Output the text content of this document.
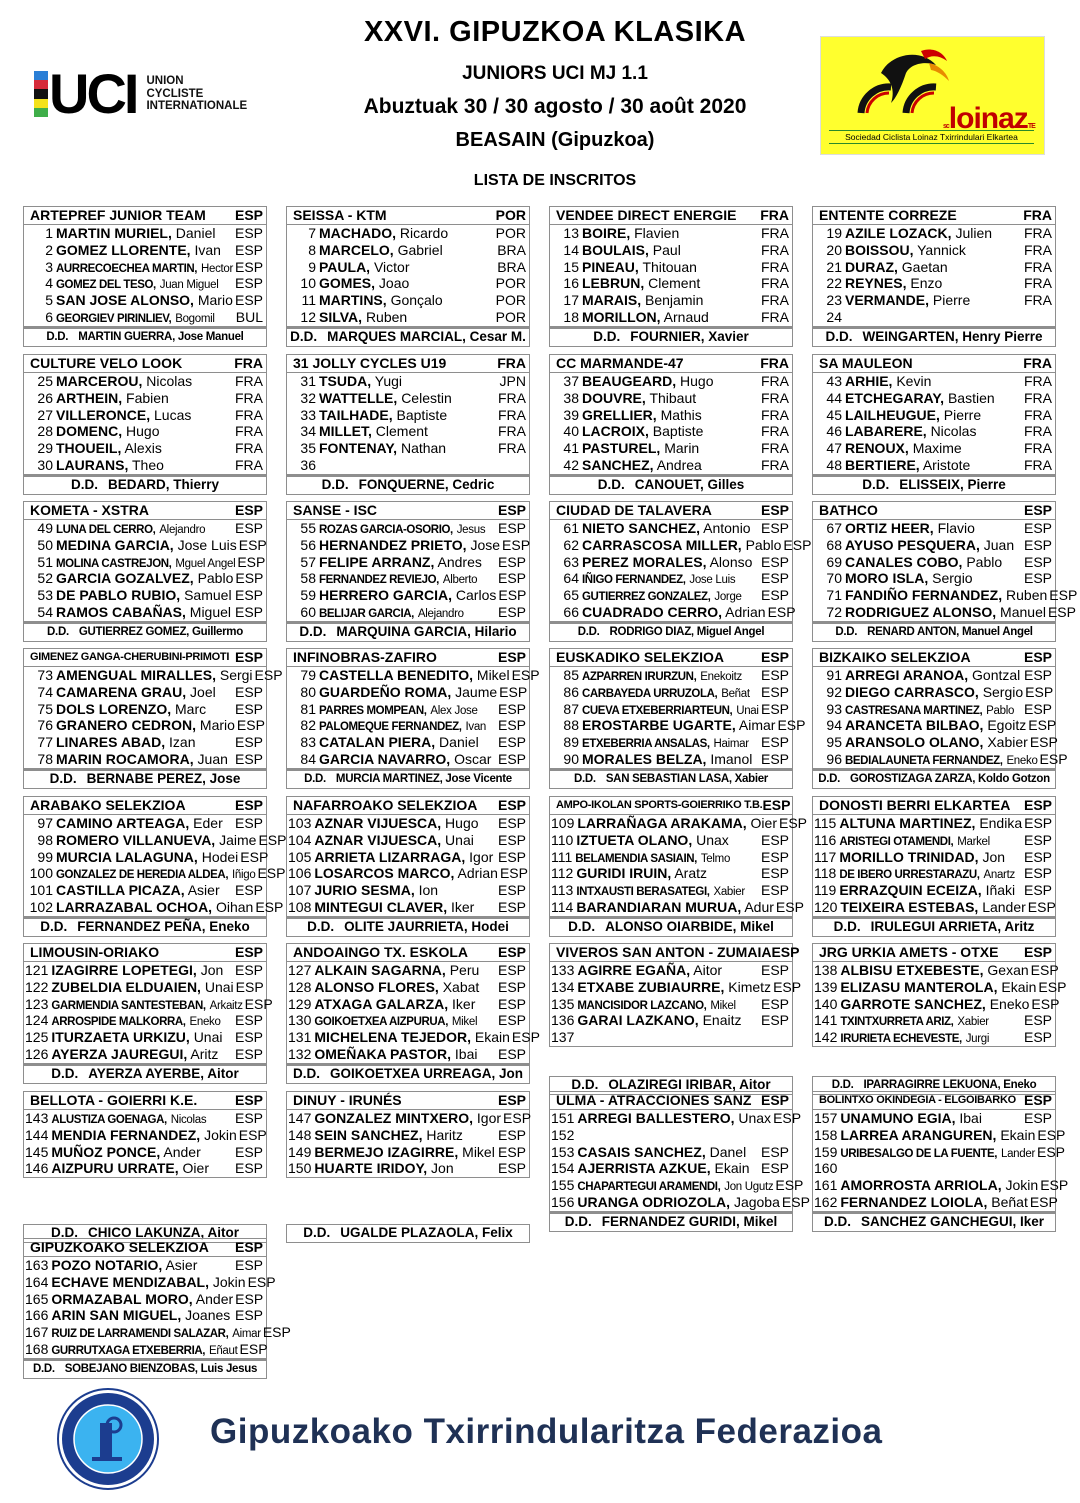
UCI UNION
CYCLISTE
INTERNATIONALE
XXVI. GIPUZKOA KLASIKA
JUNIORS UCI MJ 1.1
Abuztuak 30 / 30 agosto / 30 août 2020
BEASAIN (Gipuzkoa)
LISTA DE INSCRITOS
scloinazTE
Sociedad Ciclista Loinaz Txirrindulari Elkartea
ARTEPREF JUNIOR TEAM ESP
1 MARTIN MURIEL, Daniel ESP
2 GOMEZ LLORENTE, Ivan ESP
3 AURRECOECHEA MARTIN, Hector ESP
4 GOMEZ DEL TESO, Juan Miguel ESP
5 SAN JOSE ALONSO, Mario ESP
6 GEORGIEV PIRINLIEV, Bogomil BUL
D.D. MARTIN GUERRA, Jose Manuel
SEISSA - KTM	POR
7 MACHADO, Ricardo	POR
8 MARCELO, Gabriel	BRA
9 PAULA, Victor	BRA
10 GOMES, Joao	POR
11 MARTINS, Gonçalo	POR
12 SILVA, Ruben	POR
D.D. MARQUES MARCIAL, Cesar M.
VENDEE DIRECT ENERGIE FRA
13 BOIRE, Flavien	FRA
14 BOULAIS, Paul	FRA
15 PINEAU, Thitouan	FRA
16 LEBRUN, Clement	FRA
17 MARAIS, Benjamin	FRA
18 MORILLON, Arnaud	FRA
D.D. FOURNIER, Xavier
ENTENTE CORREZE	FRA
19 AZILE LOZACK, Julien FRA
20 BOISSOU, Yannick	FRA
21 DURAZ, Gaetan	FRA
22 REYNES, Enzo	FRA
23 VERMANDE, Pierre	FRA
24
D.D. WEINGARTEN, Henry Pierre
CULTURE VELO LOOK	FRA
25 MARCEROU, Nicolas	FRA
26 ARTHEIN, Fabien	FRA
27 VILLERONCE, Lucas	FRA
28 DOMENC, Hugo	FRA
29 THOUEIL, Alexis	FRA
30 LAURANS, Theo	FRA
D.D. BEDARD, Thierry
31 JOLLY CYCLES U19	FRA
31 TSUDA, Yugi	JPN
32 WATTELLE, Celestin	FRA
33 TAILHADE, Baptiste	FRA
34 MILLET, Clement	FRA
35 FONTENAY, Nathan	FRA
36
D.D. FONQUERNE, Cedric
CC MARMANDE-47	FRA
37 BEAUGEARD, Hugo	FRA
38 DOUVRE, Thibaut	FRA
39 GRELLIER, Mathis	FRA
40 LACROIX, Baptiste	FRA
41 PASTUREL, Marin	FRA
42 SANCHEZ, Andrea	FRA
D.D. CANOUET, Gilles
SA MAULEON	FRA
43 ARHIE, Kevin	FRA
44 ETCHEGARAY, Bastien FRA
45 LAILHEUGUE, Pierre	FRA
46 LABARERE, Nicolas	FRA
47 RENOUX, Maxime	FRA
48 BERTIERE, Aristote	FRA
D.D. ELISSEIX, Pierre
KOMETA - XSTRA	ESP
49 LUNA DEL CERRO, Alejandro ESP
50 MEDINA GARCIA, Jose Luis ESP
51 MOLINA CASTREJON, Mguel Angel ESP
52 GARCIA GOZALVEZ, Pablo ESP
53 DE PABLO RUBIO, Samuel ESP
54 RAMOS CABAÑAS, Miguel ESP
D.D. GUTIERREZ GOMEZ, Guillermo
SANSE - ISC	ESP
55 ROZAS GARCIA-OSORIO, Jesus ESP
56 HERNANDEZ PRIETO, Jose ESP
57 FELIPE ARRANZ, Andres ESP
58 FERNANDEZ REVIEJO, Alberto ESP
59 HERRERO GARCIA, Carlos ESP
60 BELIJAR GARCIA, Alejandro ESP
D.D. MARQUINA GARCIA, Hilario
CIUDAD DE TALAVERA	ESP
61 NIETO SANCHEZ, Antonio ESP
62 CARRASCOSA MILLER, Pablo ESP
63 PEREZ MORALES, Alonso ESP
64 IÑIGO FERNANDEZ, Jose Luis ESP
65 GUTIERREZ GONZALEZ, Jorge ESP
66 CUADRADO CERRO, Adrian ESP
D.D. RODRIGO DIAZ, Miguel Angel
BATHCO	ESP
67 ORTIZ HEER, Flavio	ESP
68 AYUSO PESQUERA, Juan ESP
69 CANALES COBO, Pablo ESP
70 MORO ISLA, Sergio	ESP
71 FANDIÑO FERNANDEZ, Ruben ESP
72 RODRIGUEZ ALONSO, Manuel ESP
D.D. RENARD ANTON, Manuel Angel
GIMENEZ GANGA-CHERUBINI-PRIMOTI ESP
73 AMENGUAL MIRALLES, Sergi ESP
74 CAMARENA GRAU, Joel ESP
75 DOLS LORENZO, Marc ESP
76 GRANERO CEDRON, Mario ESP
77 LINARES ABAD, Izan	ESP
78 MARIN ROCAMORA, Juan ESP
D.D. BERNABE PEREZ, Jose
INFINOBRAS-ZAFIRO	ESP
79 CASTELLA BENEDITO, Mikel ESP
80 GUARDEÑO ROMA, Jaume ESP
81 PARRES MOMPEAN, Alex Jose ESP
82 PALOMEQUE FERNANDEZ, Ivan ESP
83 CATALAN PIERA, Daniel ESP
84 GARCIA NAVARRO, Oscar ESP
D.D. MURCIA MARTINEZ, Jose Vicente
EUSKADIKO SELEKZIOA	ESP
85 AZPARREN IRURZUN, Enekoitz ESP
86 CARBAYEDA URRUZOLA, Beñat ESP
87 CUEVA ETXEBERRIARTEUN, Unai ESP
88 EROSTARBE UGARTE, Aimar ESP
89 ETXEBERRIA ANSALAS, Haimar ESP
90 MORALES BELZA, Imanol ESP
D.D. SAN SEBASTIAN LASA, Xabier
BIZKAIKO SELEKZIOA	ESP
91 ARREGI ARANOA, Gontzal ESP
92 DIEGO CARRASCO, Sergio ESP
93 CASTRESANA MARTINEZ, Pablo ESP
94 ARANCETA BILBAO, Egoitz ESP
95 ARANSOLO OLANO, Xabier ESP
96 BEDIALAUNETA FERNANDEZ, Eneko ESP
D.D. GOROSTIZAGA ZARZA, Koldo Gotzon
ARABAKO SELEKZIOA	ESP
97 CAMINO ARTEAGA, Eder ESP
98 ROMERO VILLANUEVA, Jaime ESP
99 MURCIA LALAGUNA, Hodei ESP
100 GONZALEZ DE HEREDIA ALDEA, Iñigo ESP
101 CASTILLA PICAZA, Asier ESP
102 LARRAZABAL OCHOA, Oihan ESP
D.D. FERNANDEZ PEÑA, Eneko
NAFARROAKO SELEKZIOA ESP
103 AZNAR VIJUESCA, Hugo ESP
104 AZNAR VIJUESCA, Unai ESP
105 ARRIETA LIZARRAGA, Igor ESP
106 LOSARCOS MARCO, Adrian ESP
107 JURIO SESMA, Ion	ESP
108 MINTEGUI CLAVER, Iker ESP
D.D. OLITE JAURRIETA, Hodei
AMPO-IKOLAN SPORTS-GOIERRIKO T.B. ESP
109 LARRAÑAGA ARAKAMA, Oier ESP
110 IZTUETA OLANO, Unax ESP
111 BELAMENDIA SASIAIN, Telmo ESP
112 GURIDI IRUIN, Aratz	ESP
113 INTXAUSTI BERASATEGI, Xabier ESP
114 BARANDIARAN MURUA, Adur ESP
D.D. ALONSO OIARBIDE, Mikel
DONOSTI BERRI ELKARTEA ESP
115 ALTUNA MARTINEZ, Endika ESP
116 ARISTEGI OTAMENDI, Markel ESP
117 MORILLO TRINIDAD, Jon ESP
118 DE IBERO URRESTARAZU, Anartz ESP
119 ERRAZQUIN ECEIZA, Iñaki ESP
120 TEIXEIRA ESTEBAS, Lander ESP
D.D. IRULEGUI ARRIETA, Aritz
LIMOUSIN-ORIAKO	ESP
121 IZAGIRRE LOPETEGI, Jon ESP
122 ZUBELDIA ELDUAIEN, Unai ESP
123 GARMENDIA SANTESTEBAN, Arkaitz ESP
124 ARROSPIDE MALKORRA, Eneko ESP
125 ITURZAETA URKIZU, Unai ESP
126 AYERZA JAUREGUI, Aritz ESP
D.D. AYERZA AYERBE, Aitor
ANDOAINGO TX. ESKOLA ESP
127 ALKAIN SAGARNA, Peru ESP
128 ALONSO FLORES, Xabat ESP
129 ATXAGA GALARZA, Iker ESP
130 GOIKOETXEA AIZPURUA, Mikel ESP
131 MICHELENA TEJEDOR, Ekain ESP
132 OMEÑAKA PASTOR, Ibai ESP
D.D. GOIKOETXEA URREAGA, Jon
VIVEROS SAN ANTON - ZUMAIA ESP
133 AGIRRE EGAÑA, Aitor	ESP
134 ETXABE ZUBIAURRE, Kimetz ESP
135 MANCISIDOR LAZCANO, Mikel ESP
136 GARAI LAZKANO, Enaitz ESP
137
D.D. OLAZIREGI IRIBAR, Aitor
JRG URKIA AMETS - OTXE ESP
138 ALBISU ETXEBESTE, Gexan ESP
139 ELIZASU MANTEROLA, Ekain ESP
140 GARROTE SANCHEZ, Eneko ESP
141 TXINTXURRETA ARIZ, Xabier	ESP
142 IRURIETA ECHEVESTE, Jurgi ESP
D.D. IPARRAGIRRE LEKUONA, Eneko
BELLOTA - GOIERRI K.E.	ESP
143 ALUSTIZA GOENAGA, Nicolas ESP
144 MENDIA FERNANDEZ, Jokin ESP
145 MUÑOZ PONCE, Ander ESP
146 AIZPURU URRATE, Oier ESP
D.D. CHICO LAKUNZA, Aitor
DINUY - IRUNÉS	ESP
147 GONZALEZ MINTXERO, Igor ESP
148 SEIN SANCHEZ, Haritz	ESP
149 BERMEJO IZAGIRRE, Mikel ESP
150 HUARTE IRIDOY, Jon	ESP
D.D. UGALDE PLAZAOLA, Felix
ULMA - ATRACCIONES SANZ ESP
151 ARREGI BALLESTERO, Unax ESP
152
153 CASAIS SANCHEZ, Danel ESP
154 AJERRISTA AZKUE, Ekain ESP
155 CHAPARTEGUI ARAMENDI, Jon Ugutz ESP
156 URANGA ODRIOZOLA, Jagoba ESP
D.D. FERNANDEZ GURIDI, Mikel
BOLINTXO OKINDEGIA - ELGOIBARKO ESP
157 UNAMUNO EGIA, Ibai	ESP
158 LARREA ARANGUREN, Ekain ESP
159 URIBESALGO DE LA FUENTE, Lander ESP
160
161 AMORROSTA ARRIOLA, Jokin ESP
162 FERNANDEZ LOIOLA, Beñat ESP
D.D. SANCHEZ GANCHEGUI, Iker
GIPUZKOAKO SELEKZIOA ESP
163 POZO NOTARIO, Asier	ESP
164 ECHAVE MENDIZABAL, Jokin ESP
165 ORMAZABAL MORO, Ander ESP
166 ARIN SAN MIGUEL, Joanes ESP
167 RUIZ DE LARRAMENDI SALAZAR, Aimar ESP
168 GURRUTXAGA ETXEBERRIA, Eñaut ESP
D.D. SOBEJANO BIENZOBAS, Luis Jesus
Gipuzkoako Txirrindularitza Federazioa
